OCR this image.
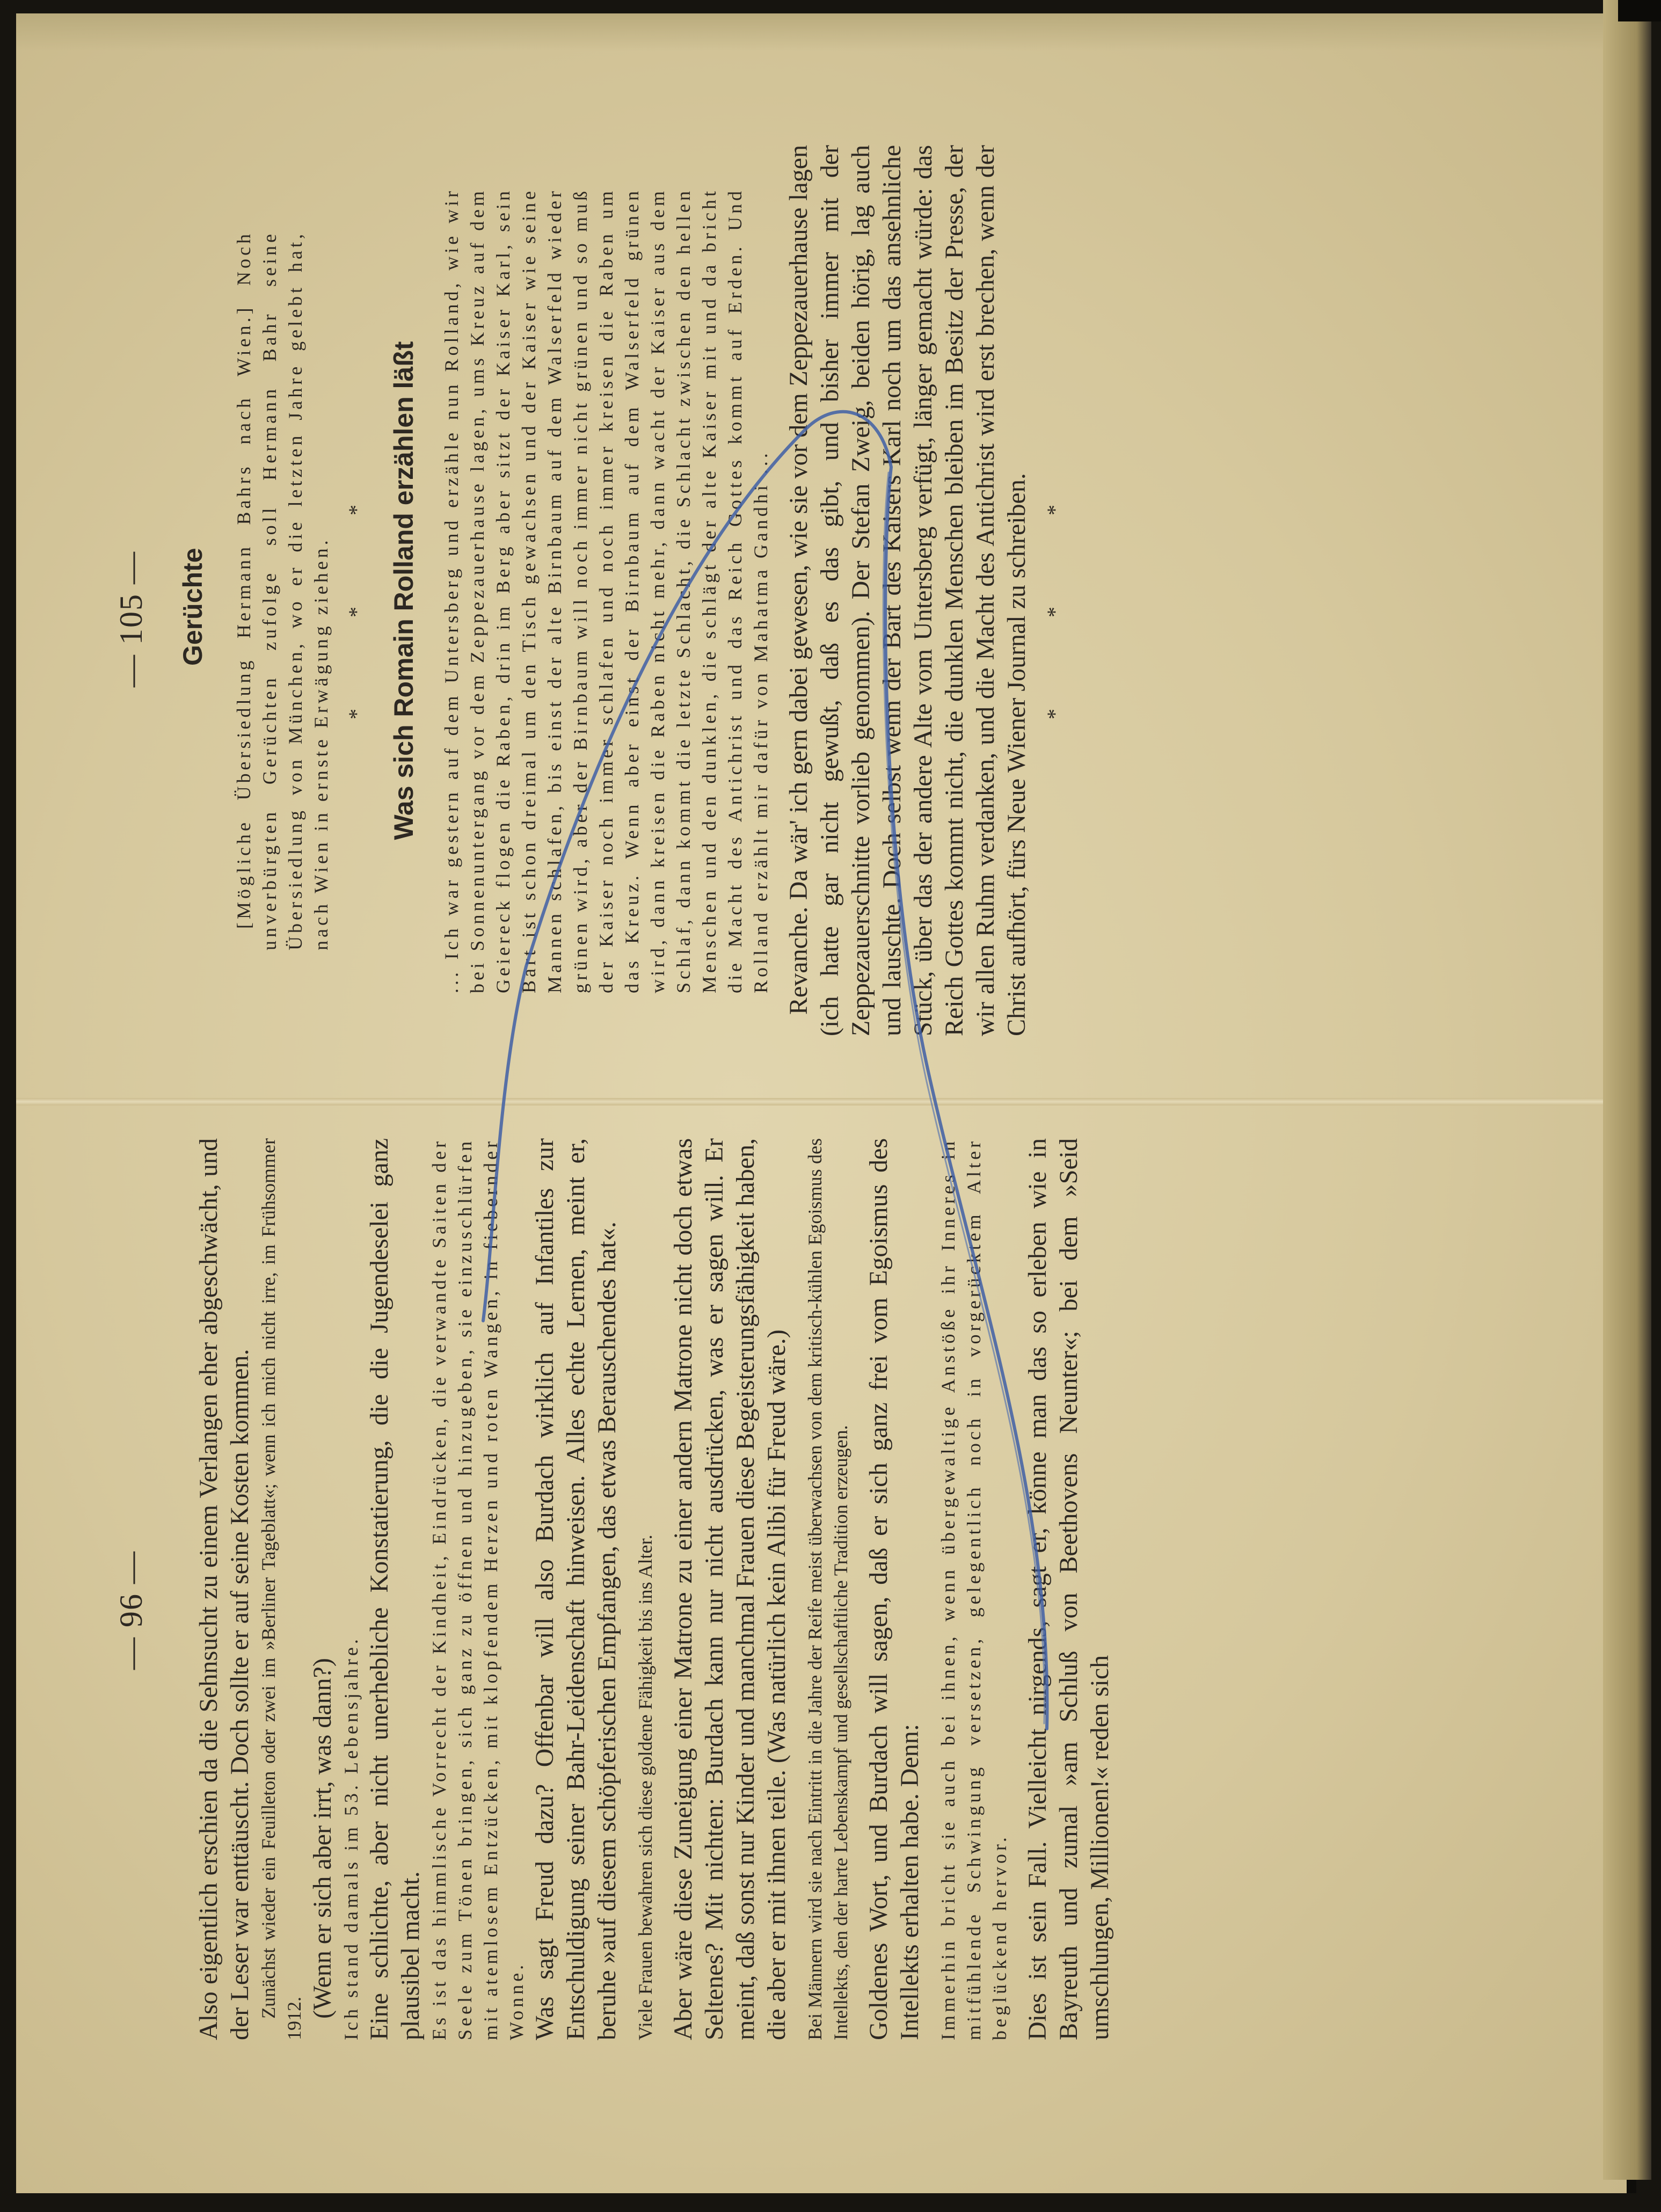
— 96 — Also eigentlich erschien da die Sehnsucht zu einem Verlangen eher abgeschwächt, und der Leser war enttäuscht. Doch sollte er auf seine Kosten kommen. Zunächst wieder ein Feuilleton oder zwei im »Berliner Tageblatt«; wenn ich mich nicht irre, im Frühsommer 1912. (Wenn er sich aber irrt, was dann?) Ich stand damals im 53. Lebensjahre. Eine schlichte, aber nicht unerhebliche Konstatierung, die die Jugendeselei ganz plausibel macht. Es ist das himmlische Vorrecht der Kindheit, Eindrücken, die verwandte Saiten der Seele zum Tönen bringen, sich ganz zu öffnen und hinzugeben, sie einzuschlürfen mit atemlosem Entzücken, mit klopfendem Herzen und roten Wangen, in fiebernder Wonne. Was sagt Freud dazu? Offenbar will also Burdach wirklich auf Infantiles zur Entschuldigung seiner Bahr-Leidenschaft hinweisen. Alles echte Lernen, meint er, beruhe »auf diesem schöpferischen Empfangen, das etwas Berauschendes hat«. Viele Frauen bewahren sich diese goldene Fähigkeit bis ins Alter. Aber wäre diese Zuneigung einer Matrone zu einer andern Matrone nicht doch etwas Seltenes? Mit nichten: Burdach kann nur nicht ausdrücken, was er sagen will. Er meint, daß sonst nur Kinder und manchmal Frauen diese Begeisterungsfähigkeit haben, die aber er mit ihnen teile. (Was natürlich kein Alibi für Freud wäre.) Bei Männern wird sie nach Eintritt in die Jahre der Reife meist überwachsen von dem kritisch-kühlen Egoismus des Intellekts, den der harte Lebenskampf und gesellschaftliche Tradition erzeugen. Goldenes Wort, und Burdach will sagen, daß er sich ganz frei vom Egoismus des Intellekts erhalten habe. Denn: Immerhin bricht sie auch bei ihnen, wenn übergewaltige Anstöße ihr Inneres in mitfühlende Schwingung versetzen, gelegentlich noch in vorgerücktem Alter beglückend hervor. Dies ist sein Fall. Vielleicht nirgends, sagt er, könne man das so erleben wie in Bayreuth und zumal »am Schluß von Beethovens Neunter«; bei dem »Seid umschlungen, Millionen!« reden sich

— 105 — Gerüchte [Mögliche Übersiedlung Hermann Bahrs nach Wien.] Noch unverbürgten Gerüchten zufolge soll Hermann Bahr seine Übersiedlung von München, wo er die letzten Jahre gelebt hat, nach Wien in ernste Erwägung ziehen. * * * Was sich Romain Rolland erzählen läßt ... Ich war gestern auf dem Untersberg und erzähle nun Rolland, wie wir bei Sonnenuntergang vor dem Zeppezauerhause lagen, ums Kreuz auf dem Geiereck flogen die Raben, drin im Berg aber sitzt der Kaiser Karl, sein Bart ist schon dreimal um den Tisch gewachsen und der Kaiser wie seine Mannen schlafen, bis einst der alte Birnbaum auf dem Walserfeld wieder grünen wird, aber der Birnbaum will noch immer nicht grünen und so muß der Kaiser noch immer schlafen und noch immer kreisen die Raben um das Kreuz. Wenn aber einst der Birnbaum auf dem Walserfeld grünen wird, dann kreisen die Raben nicht mehr, dann wacht der Kaiser aus dem Schlaf, dann kommt die letzte Schlacht, die Schlacht zwischen den hellen Menschen und den dunklen, die schlägt der alte Kaiser mit und da bricht die Macht des Antichrist und das Reich Gottes kommt auf Erden. Und Rolland erzählt mir dafür von Mahatma Gandhi ... Revanche. Da wär' ich gern dabei gewesen, wie sie vor dem Zeppezauerhause lagen (ich hatte gar nicht gewußt, daß es das gibt, und bisher immer mit der Zeppezauerschnitte vorlieb genommen). Der Stefan Zweig, beiden hörig, lag auch und lauschte. Doch selbst wenn der Bart des Kaisers Karl noch um das ansehnliche Stück, über das der andere Alte vom Untersberg verfügt, länger gemacht würde: das Reich Gottes kommt nicht, die dunklen Menschen bleiben im Besitz der Presse, der wir allen Ruhm verdanken, und die Macht des Antichrist wird erst brechen, wenn der Christ aufhört, fürs Neue Wiener Journal zu schreiben. * * *
